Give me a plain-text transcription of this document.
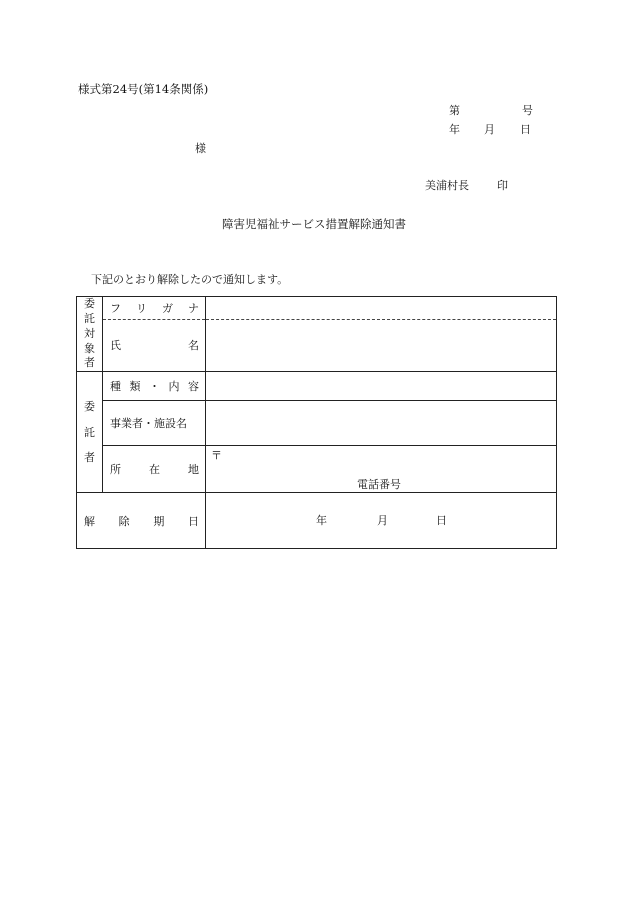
様式第24号(第14条関係)
第	号
年 月 日
様
美浦村長	印
障害児福祉サービス措置解除通知書
下記のとおり解除したので通知します。
委
託
対
象
者	フ リ ガ ナ	

	氏 名	

委
託
者	種 類 ・ 内 容	

	事業者・施設名	

	所 在 地	〒
電話番号

解 除 期 日		年 月 日
